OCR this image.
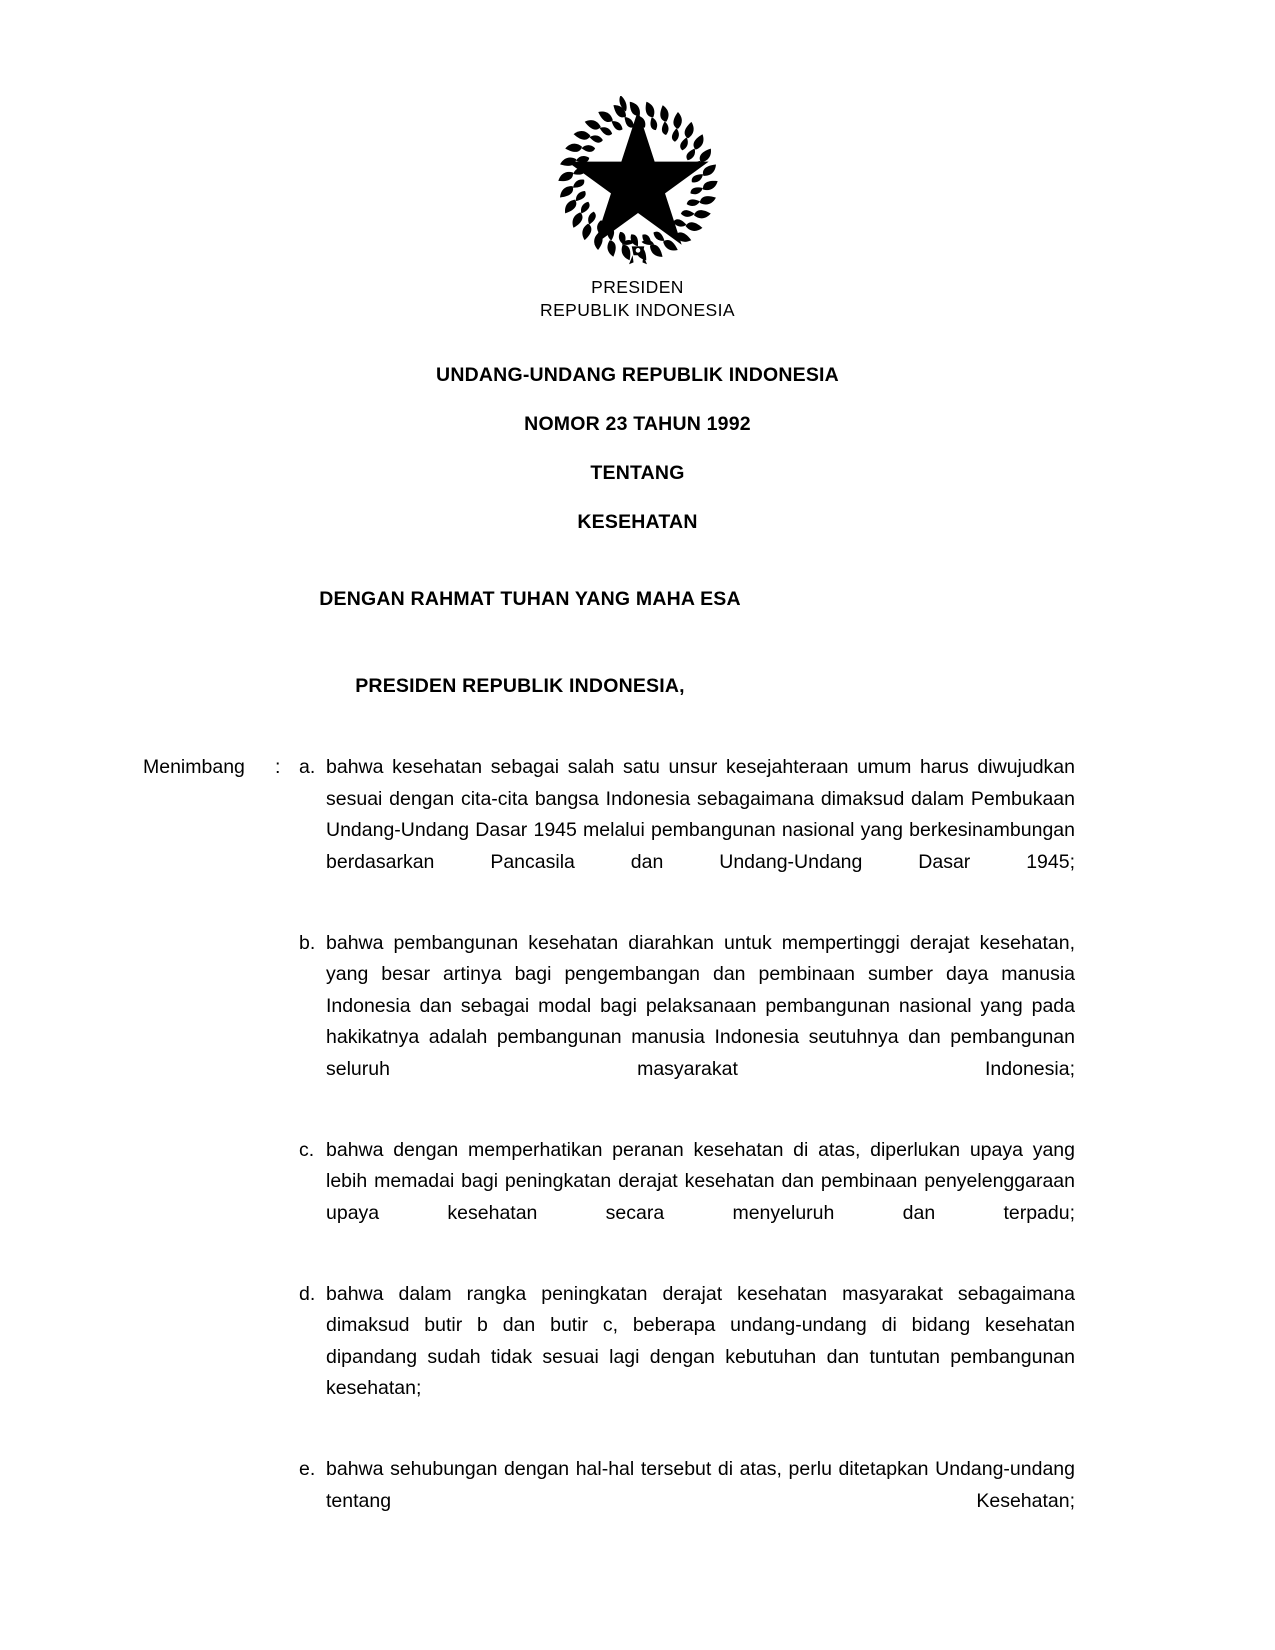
PRESIDEN
REPUBLIK INDONESIA
UNDANG-UNDANG REPUBLIK INDONESIA
NOMOR 23 TAHUN 1992
TENTANG
KESEHATAN
DENGAN RAHMAT TUHAN YANG MAHA ESA
PRESIDEN REPUBLIK INDONESIA,
Menimbang	: a. bahwa kesehatan sebagai salah satu unsur kesejahteraan umum harus diwujudkan sesuai dengan cita-cita bangsa Indonesia sebagaimana dimaksud dalam Pembukaan Undang-Undang Dasar 1945 melalui pembangunan nasional yang berkesinambungan berdasarkan Pancasila dan Undang-Undang Dasar 1945;
b. bahwa pembangunan kesehatan diarahkan untuk mempertinggi derajat kesehatan, yang besar artinya bagi pengembangan dan pembinaan sumber daya manusia Indonesia dan sebagai modal bagi pelaksanaan pembangunan nasional yang pada hakikatnya adalah pembangunan manusia Indonesia seutuhnya dan pembangunan seluruh masyarakat Indonesia;
c. bahwa dengan memperhatikan peranan kesehatan di atas, diperlukan upaya yang lebih memadai bagi peningkatan derajat kesehatan dan pembinaan penyelenggaraan upaya kesehatan secara menyeluruh dan terpadu;
d. bahwa dalam rangka peningkatan derajat kesehatan masyarakat sebagaimana dimaksud butir b dan butir c, beberapa undang-undang di bidang kesehatan dipandang sudah tidak sesuai lagi dengan kebutuhan dan tuntutan pembangunan kesehatan;
e. bahwa sehubungan dengan hal-hal tersebut di atas, perlu ditetapkan Undang-undang tentang Kesehatan;
